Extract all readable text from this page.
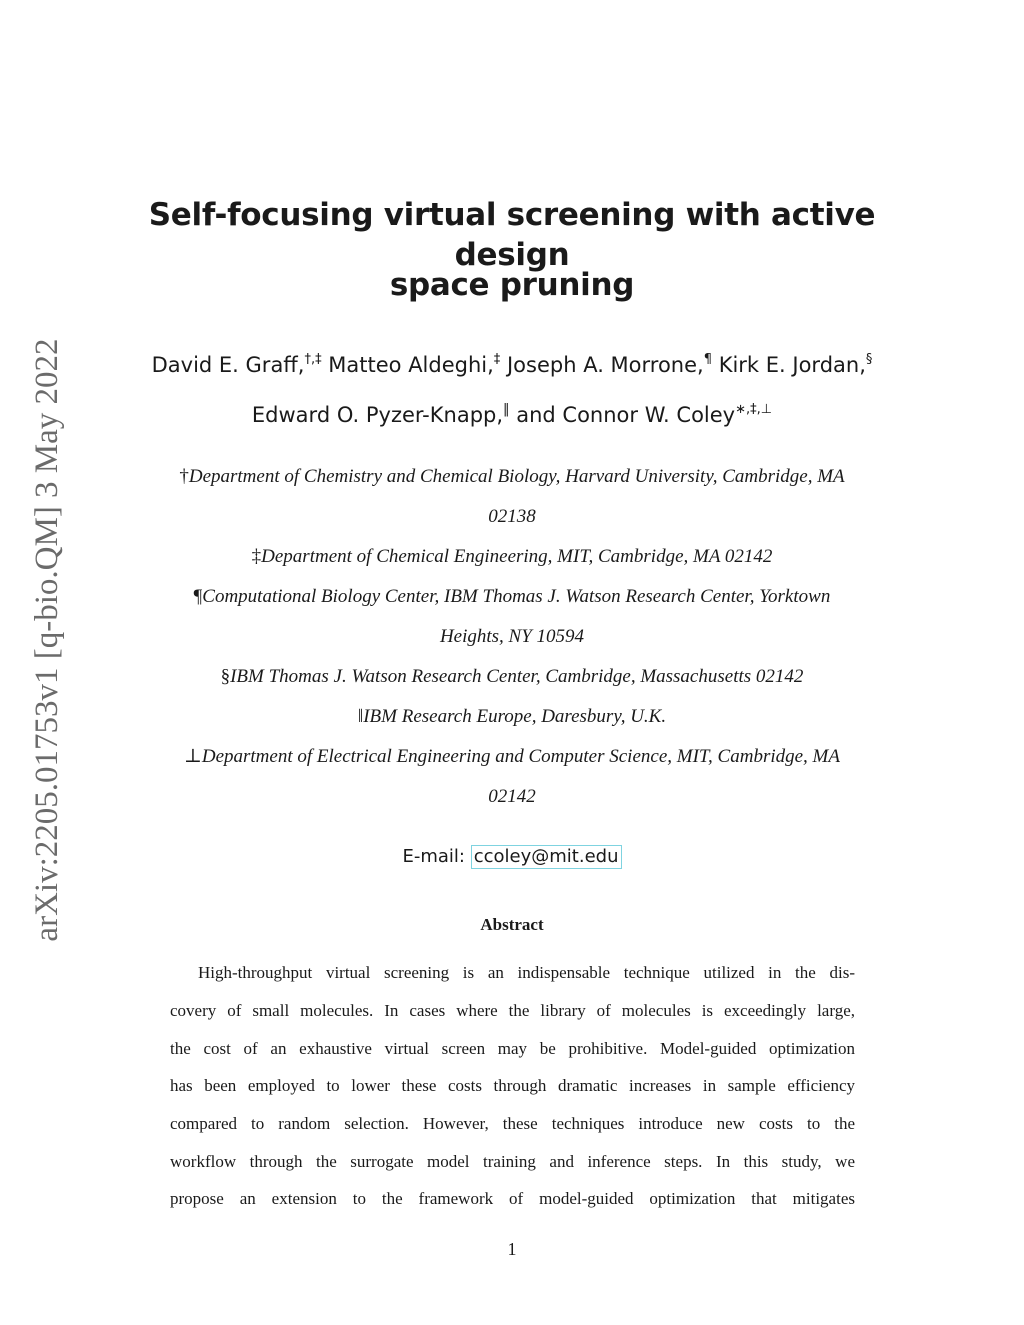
arXiv:2205.01753v1 [q-bio.QM] 3 May 2022
Self-focusing virtual screening with active design
space pruning
David E. Graff,†,‡ Matteo Aldeghi,‡ Joseph A. Morrone,¶ Kirk E. Jordan,§
Edward O. Pyzer-Knapp,‖ and Connor W. Coley∗,‡,⊥
†Department of Chemistry and Chemical Biology, Harvard University, Cambridge, MA
02138
‡Department of Chemical Engineering, MIT, Cambridge, MA 02142
¶Computational Biology Center, IBM Thomas J. Watson Research Center, Yorktown
Heights, NY 10594
§IBM Thomas J. Watson Research Center, Cambridge, Massachusetts 02142
‖IBM Research Europe, Daresbury, U.K.
⊥Department of Electrical Engineering and Computer Science, MIT, Cambridge, MA
02142
E-mail: ccoley@mit.edu
Abstract
High-throughput virtual screening is an indispensable technique utilized in the dis-
covery of small molecules. In cases where the library of molecules is exceedingly large,
the cost of an exhaustive virtual screen may be prohibitive. Model-guided optimization
has been employed to lower these costs through dramatic increases in sample efficiency
compared to random selection. However, these techniques introduce new costs to the
workflow through the surrogate model training and inference steps. In this study, we
propose an extension to the framework of model-guided optimization that mitigates
1
